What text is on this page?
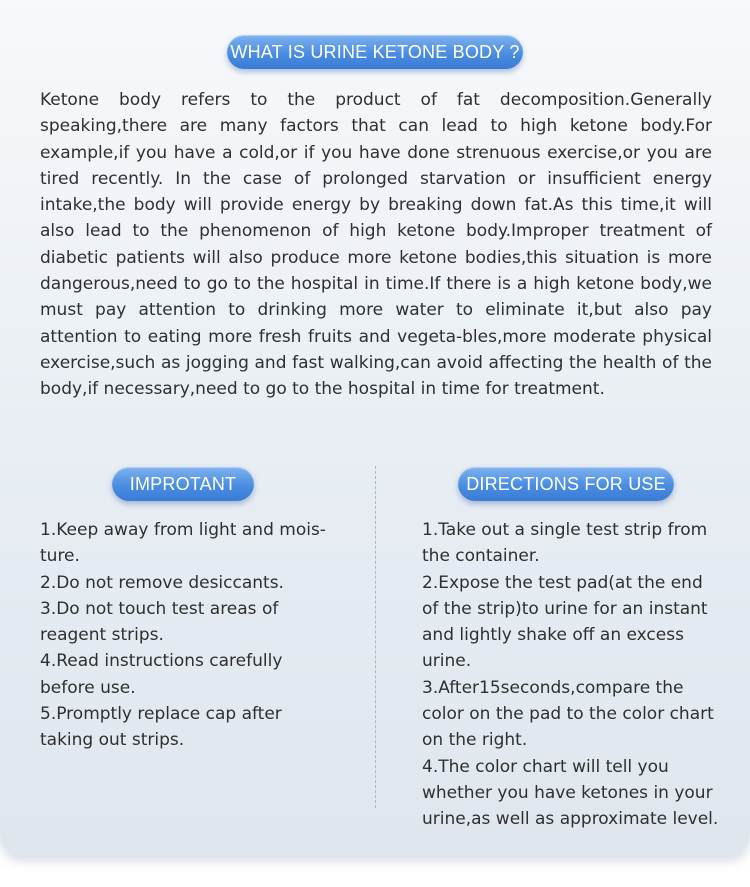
WHAT IS URINE KETONE BODY ?

Ketone body refers to the product of fat decomposition.Generally speaking,there are many factors that can lead to high ketone body.For example,if you have a cold,or if you have done strenuous exercise,or you are tired recently. In the case of prolonged starvation or insufficient energy intake,the body will provide energy by breaking down fat.As this time,it will also lead to the phenomenon of high ketone body.Improper treatment of diabetic patients will also produce more ketone bodies,this situation is more dangerous,need to go to the hospital in time.If there is a high ketone body,we must pay attention to drinking more water to eliminate it,but also pay attention to eating more fresh fruits and vegeta-bles,more moderate physical exercise,such as jogging and fast walking,can avoid affecting the health of the body,if necessary,need to go to the hospital in time for treatment.

IMPROTANT	DIRECTIONS FOR USE

1.Keep away from light and mois-ture.

2.Do not remove desiccants.

3.Do not touch test areas of reagent strips.

4.Read instructions carefully before use.

5.Promptly replace cap after taking out strips.

1.Take out a single test strip from the container.

2.Expose the test pad(at the end of the strip)to urine for an instant and lightly shake off an excess urine.

3.After15seconds,compare the color on the pad to the color chart on the right.

4.The color chart will tell you whether you have ketones in your urine,as well as approximate level.
